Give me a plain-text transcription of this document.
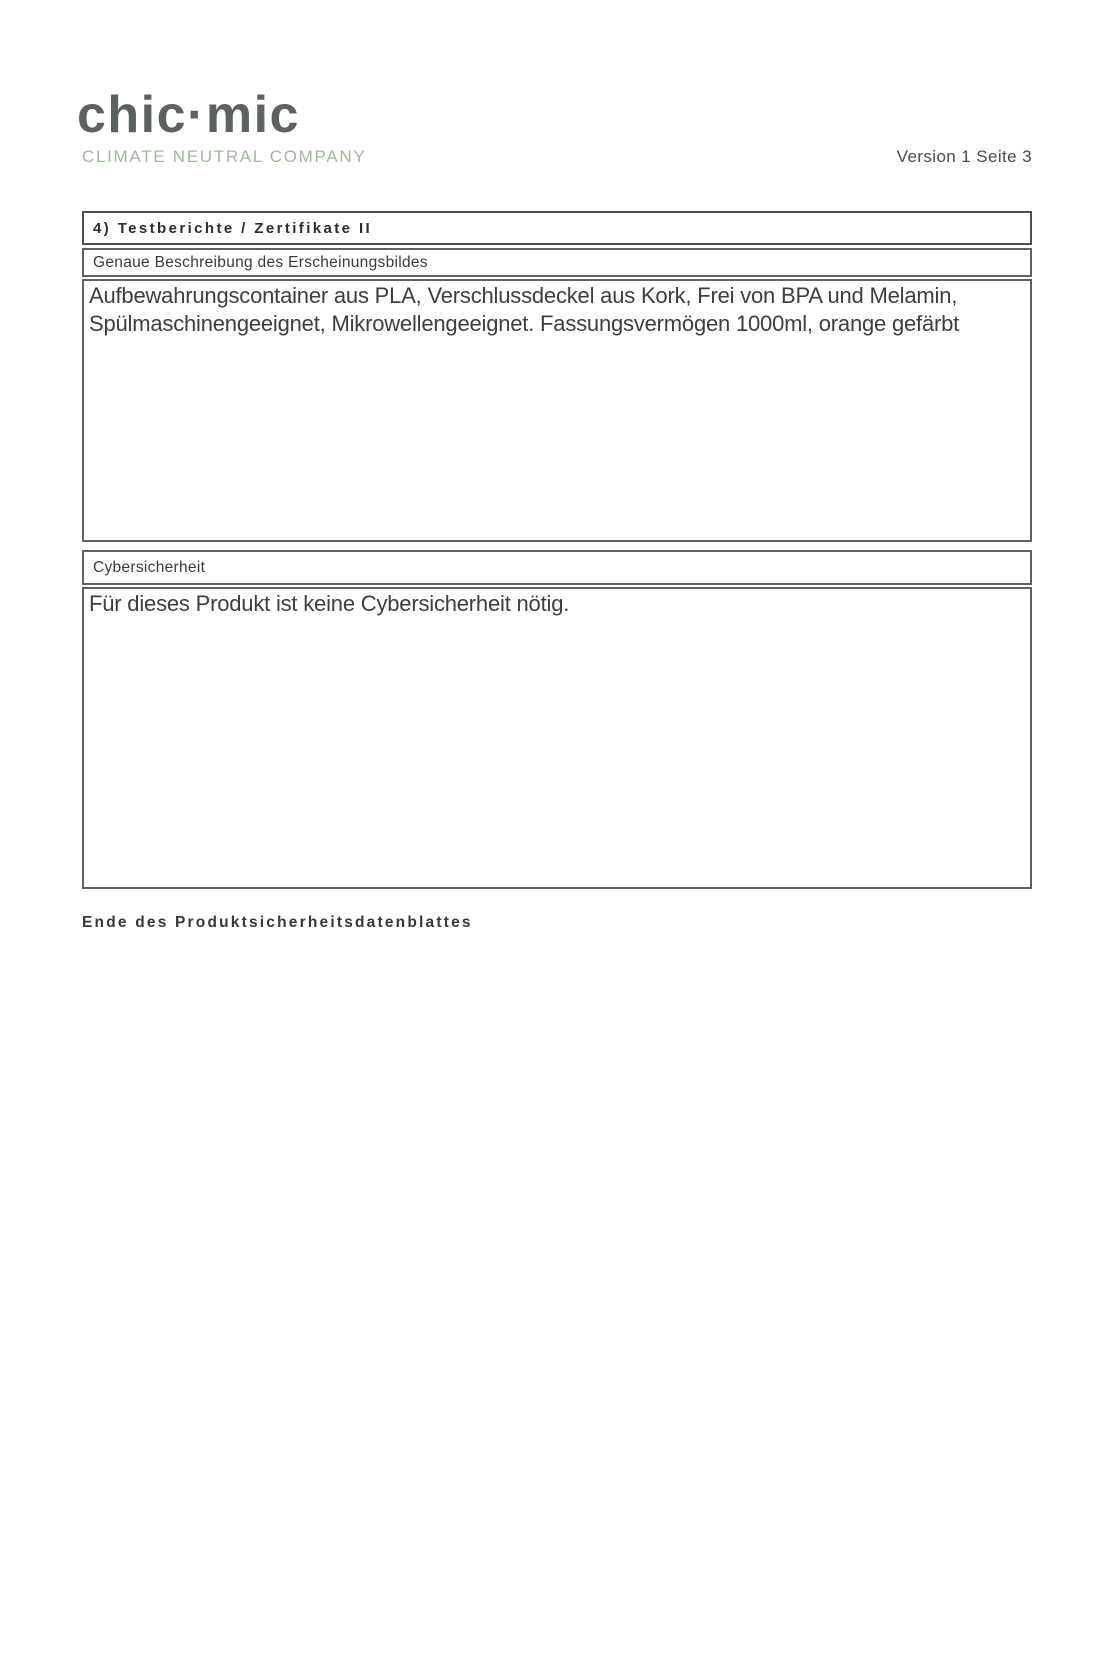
chic·mic
CLIMATE NEUTRAL COMPANY	Version 1 Seite 3
4) Testberichte / Zertifikate II
Genaue Beschreibung des Erscheinungsbildes
Aufbewahrungscontainer aus PLA, Verschlussdeckel aus Kork, Frei von BPA und Melamin, Spülmaschinengeeignet, Mikrowellengeeignet. Fassungsvermögen 1000ml, orange gefärbt
Cybersicherheit
Für dieses Produkt ist keine Cybersicherheit nötig.
Ende des Produktsicherheitsdatenblattes
